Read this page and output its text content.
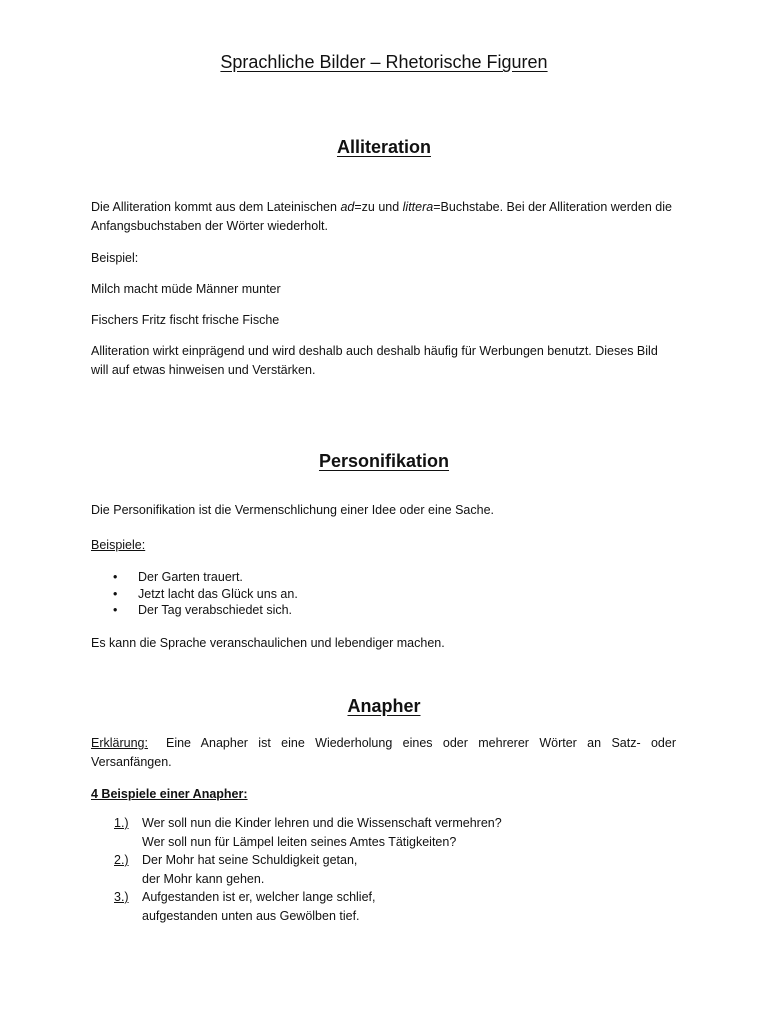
Sprachliche Bilder – Rhetorische Figuren
Alliteration
Die Alliteration kommt aus dem Lateinischen ad=zu und littera=Buchstabe. Bei der Alliteration werden die Anfangsbuchstaben der Wörter wiederholt.
Beispiel:
Milch macht müde Männer munter
Fischers Fritz fischt frische Fische
Alliteration wirkt einprägend und wird deshalb auch deshalb häufig für Werbungen benutzt. Dieses Bild will auf etwas hinweisen und Verstärken.
Personifikation
Die Personifikation ist die Vermenschlichung einer Idee oder eine Sache.
Beispiele:
• Der Garten trauert.
• Jetzt lacht das Glück uns an.
• Der Tag verabschiedet sich.
Es kann die Sprache veranschaulichen und lebendiger machen.
Anapher
Erklärung: Eine Anapher ist eine Wiederholung eines oder mehrerer Wörter an Satz- oder Versanfängen.
4 Beispiele einer Anapher:
1.)	Wer soll nun die Kinder lehren und die Wissenschaft vermehren?
Wer soll nun für Lämpel leiten seines Amtes Tätigkeiten?
2.)	Der Mohr hat seine Schuldigkeit getan,
der Mohr kann gehen.
3.)	Aufgestanden ist er, welcher lange schlief,
aufgestanden unten aus Gewölben tief.
